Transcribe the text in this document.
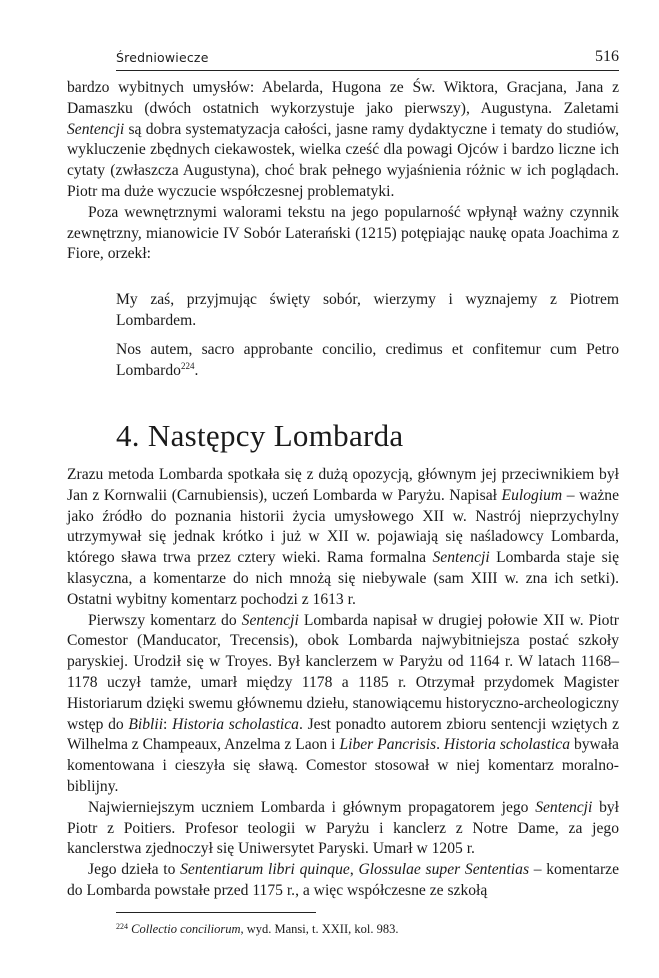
Średniowiecze	516

bardzo wybitnych umysłów: Abelarda, Hugona ze Św. Wiktora, Gracjana, Jana z Damaszku (dwóch ostatnich wykorzystuje jako pierwszy), Augustyna. Zaletami Sentencji są dobra systematyzacja całości, jasne ramy dydaktyczne i tematy do studiów, wykluczenie zbędnych ciekawostek, wielka cześć dla powagi Ojców i bardzo liczne ich cytaty (zwłaszcza Augustyna), choć brak pełnego wyjaśnienia różnic w ich poglądach. Piotr ma duże wyczucie współczesnej problematyki.

Poza wewnętrznymi walorami tekstu na jego popularność wpłynął ważny czynnik zewnętrzny, mianowicie IV Sobór Laterański (1215) potępiając naukę opata Joachima z Fiore, orzekł:

My zaś, przyjmując święty sobór, wierzymy i wyznajemy z Piotrem Lombardem.

Nos autem, sacro approbante concilio, credimus et confitemur cum Petro Lombardo$^{224}$.

4. Następcy Lombarda

Zrazu metoda Lombarda spotkała się z dużą opozycją, głównym jej przeciwnikiem był Jan z Kornwalii (Carnubiensis), uczeń Lombarda w Paryżu. Napisał Eulogium – ważne jako źródło do poznania historii życia umysłowego XII w. Nastrój nieprzychylny utrzymywał się jednak krótko i już w XII w. pojawiają się naśladowcy Lombarda, którego sława trwa przez cztery wieki. Rama formalna Sentencji Lombarda staje się klasyczna, a komentarze do nich mnożą się niebywale (sam XIII w. zna ich setki). Ostatni wybitny komentarz pochodzi z 1613 r.

Pierwszy komentarz do Sentencji Lombarda napisał w drugiej połowie XII w. Piotr Comestor (Manducator, Trecensis), obok Lombarda najwybitniejsza postać szkoły paryskiej. Urodził się w Troyes. Był kanclerzem w Paryżu od 1164 r. W latach 1168–1178 uczył tamże, umarł między 1178 a 1185 r. Otrzymał przydomek Magister Historiarum dzięki swemu głównemu dziełu, stanowiącemu historyczno-archeologiczny wstęp do Biblii: Historia scholastica. Jest ponadto autorem zbioru sentencji wziętych z Wilhelma z Champeaux, Anzelma z Laon i Liber Pancrisis. Historia scholastica bywała komentowana i cieszyła się sławą. Comestor stosował w niej komentarz moralno-biblijny.

Najwierniejszym uczniem Lombarda i głównym propagatorem jego Sentencji był Piotr z Poitiers. Profesor teologii w Paryżu i kanclerz z Notre Dame, za jego kanclerstwa zjednoczył się Uniwersytet Paryski. Umarł w 1205 r.

Jego dzieła to Sententiarum libri quinque, Glossulae super Sententias – komentarze do Lombarda powstałe przed 1175 r., a więc współczesne ze szkołą

$^{224}$ Collectio conciliorum, wyd. Mansi, t. XXII, kol. 983.
